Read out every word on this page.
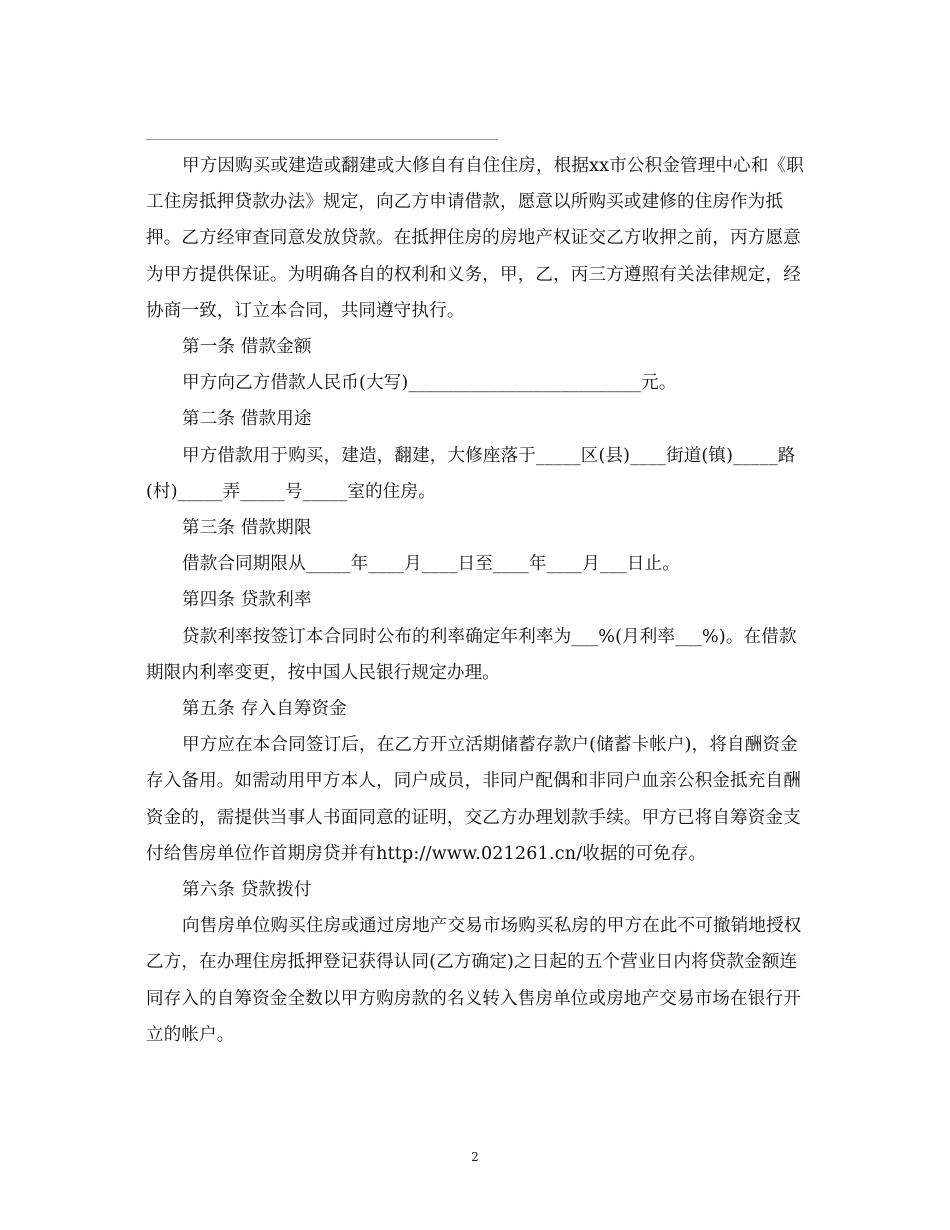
甲方因购买或建造或翻建或大修自有自住住房，根据xx市公积金管理中心和《职工住房抵押贷款办法》规定，向乙方申请借款，愿意以所购买或建修的住房作为抵押。乙方经审查同意发放贷款。在抵押住房的房地产权证交乙方收押之前，丙方愿意为甲方提供保证。为明确各自的权利和义务，甲，乙，丙三方遵照有关法律规定，经协商一致，订立本合同，共同遵守执行。

第一条 借款金额

甲方向乙方借款人民币(大写)__________________________元。

第二条 借款用途

甲方借款用于购买，建造，翻建，大修座落于_____区(县)____街道(镇)_____路(村)_____弄_____号_____室的住房。

第三条 借款期限

借款合同期限从_____年____月____日至____年____月___日止。

第四条 贷款利率

贷款利率按签订本合同时公布的利率确定年利率为___%(月利率___%)。在借款期限内利率变更，按中国人民银行规定办理。

第五条 存入自筹资金

甲方应在本合同签订后，在乙方开立活期储蓄存款户(储蓄卡帐户)，将自酬资金存入备用。如需动用甲方本人，同户成员，非同户配偶和非同户血亲公积金抵充自酬资金的，需提供当事人书面同意的证明，交乙方办理划款手续。甲方已将自筹资金支付给售房单位作首期房贷并有http://www.021261.cn/收据的可免存。

第六条 贷款拨付

向售房单位购买住房或通过房地产交易市场购买私房的甲方在此不可撤销地授权乙方，在办理住房抵押登记获得认同(乙方确定)之日起的五个营业日内将贷款金额连同存入的自筹资金全数以甲方购房款的名义转入售房单位或房地产交易市场在银行开立的帐户。

2
